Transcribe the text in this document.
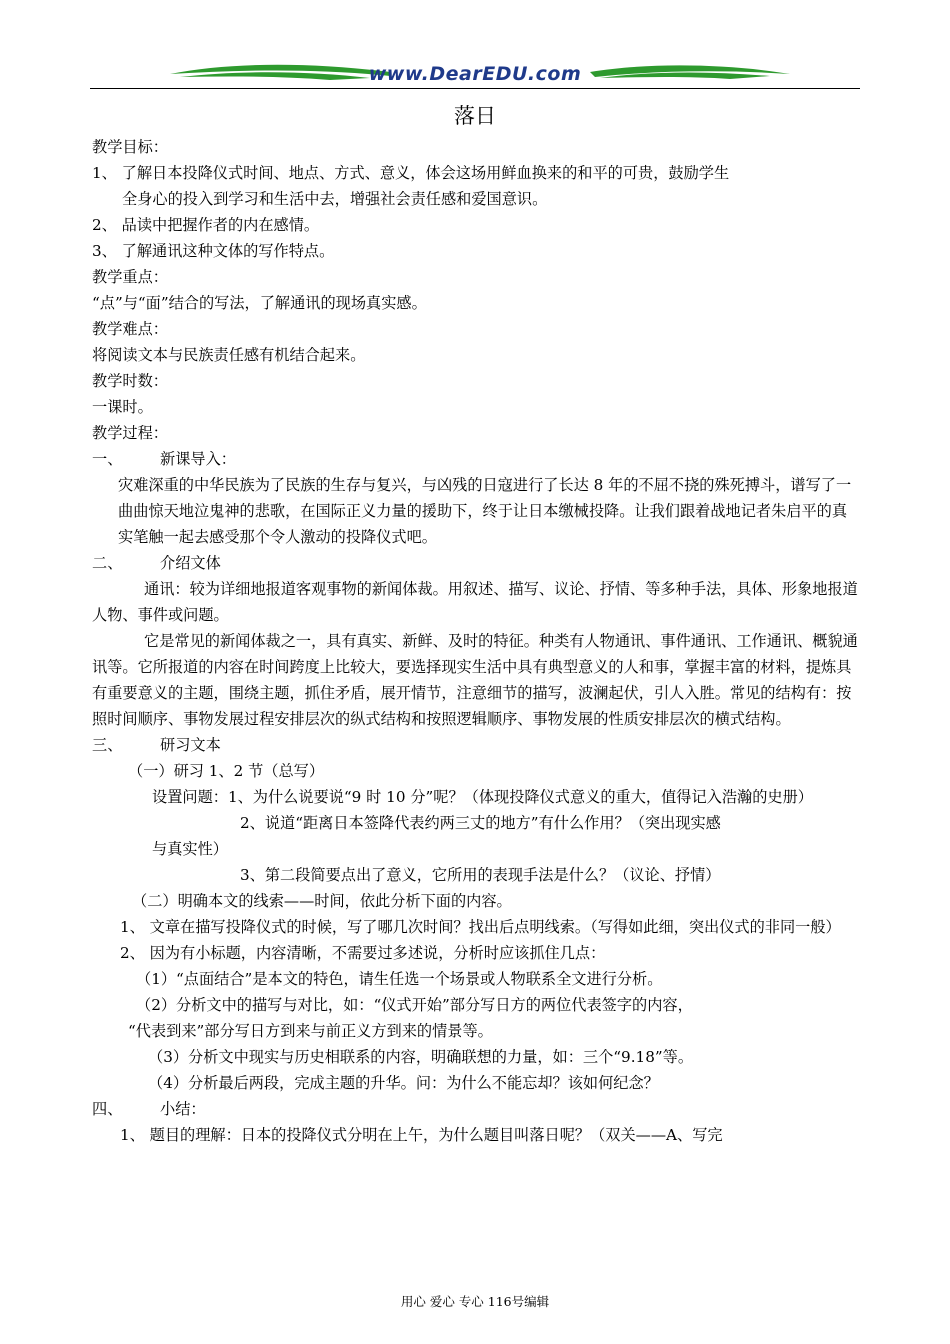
www.DearEDU.com
落日
教学目标：
1、 了解日本投降仪式时间、地点、方式、意义，体会这场用鲜血换来的和平的可贵，鼓励学生
全身心的投入到学习和生活中去，增强社会责任感和爱国意识。
2、 品读中把握作者的内在感情。
3、 了解通讯这种文体的写作特点。
教学重点：
“点”与“面”结合的写法，了解通讯的现场真实感。
教学难点：
将阅读文本与民族责任感有机结合起来。
教学时数：
一课时。
教学过程：
一、 新课导入：
灾难深重的中华民族为了民族的生存与复兴，与凶残的日寇进行了长达 8 年的不屈不挠的殊死搏斗，谱写了一曲曲惊天地泣鬼神的悲歌，在国际正义力量的援助下，终于让日本缴械投降。让我们跟着战地记者朱启平的真实笔触一起去感受那个令人激动的投降仪式吧。
二、 介绍文体
通讯：较为详细地报道客观事物的新闻体裁。用叙述、描写、议论、抒情、等多种手法，具体、形象地报道人物、事件或问题。
它是常见的新闻体裁之一，具有真实、新鲜、及时的特征。种类有人物通讯、事件通讯、工作通讯、概貌通讯等。它所报道的内容在时间跨度上比较大，要选择现实生活中具有典型意义的人和事，掌握丰富的材料，提炼具有重要意义的主题，围绕主题，抓住矛盾，展开情节，注意细节的描写，波澜起伏，引人入胜。常见的结构有：按照时间顺序、事物发展过程安排层次的纵式结构和按照逻辑顺序、事物发展的性质安排层次的横式结构。
三、 研习文本
（一）研习 1、2 节（总写）
设置问题：1、为什么说要说“9 时 10 分”呢？（体现投降仪式意义的重大，值得记入浩瀚的史册）
2、说道“距离日本签降代表约两三丈的地方”有什么作用？（突出现实感
与真实性）
3、第二段简要点出了意义，它所用的表现手法是什么？（议论、抒情）
（二）明确本文的线索——时间，依此分析下面的内容。
1、 文章在描写投降仪式的时候，写了哪几次时间？找出后点明线索。（写得如此细，突出仪式的非同一般）
2、 因为有小标题，内容清晰，不需要过多述说，分析时应该抓住几点：
（1）“点面结合”是本文的特色，请生任选一个场景或人物联系全文进行分析。
（2）分析文中的描写与对比，如：“仪式开始”部分写日方的两位代表签字的内容，
“代表到来”部分写日方到来与前正义方到来的情景等。
（3）分析文中现实与历史相联系的内容，明确联想的力量，如：三个“9.18”等。
（4）分析最后两段，完成主题的升华。问：为什么不能忘却？该如何纪念？
四、 小结：
1、 题目的理解：日本的投降仪式分明在上午，为什么题目叫落日呢？（双关——A、写完
用心 爱心 专心 116号编辑
